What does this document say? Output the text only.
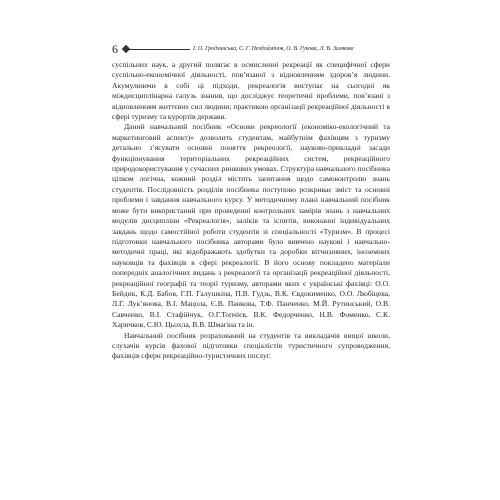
6	І. О. Гродзинська, С. Г. Нездоймінов, О. В. Гукова, Л. В. Зимкова

суспільних наук, а другий полягає в осмисленні рекреації як специфічної сфери суспільно-економічної діяльності, пов’язаної з відновленням здоров’я людини. Акумулюючи в собі ці підходи, рекреалогія виступає на сьогодні як міждисциплінарна галузь знання, що досліджує теоретичні проблеми, пов’язані з відновленням життєвих сил людини; практикою організації рекреаційної діяльності в сфері туризму та курортів держави.

Даний навчальний посібник «Основи рекреології (економіко-екологічний та маркетинговий аспект)» дозволить студентам, майбутнім фахівцям з туризму детально з’ясувати основні поняття рекреології, науково-прикладні засади функціонування територіальних рекреаційних систем, рекреаційного природокористування у сучасних ринкових умовах. Структура навчального посібника цілком логічна, кожний розділ містить запитання щодо самоконтролю знань студентів. Послідовність розділів посібника поступово розкриває зміст та основні проблеми і завдання навчального курсу. У методичному плані навчальний посібник може бути використаний при проведенні контрольних замірів знань з навчальних модулів дисципліни «Рекреалогія», заліків та іспитів, виконанні індивідуальних завдань щодо самостійної роботи студентів зі спеціальності «Туризм». В процесі підготовки навчального посібника авторами було вивчено наукові і навчально-методичні праці, які відображають здобутки та доробки вітчизняних, іноземних науковців та фахівців в сфері рекреалогії. В його основу покладено матеріали попередніх аналогічних видань з рекреалогії та організації рекреаційної діяльності, рекреаційної географії та теорії туризму, авторами яких є українські фахівці: О.О. Бейдик, К.Д. Бабов, Г.П. Галушкіна, П.В. Гудзь, В.К. Євдокименко, О.О. Любіцева, Л.Г. Лук’янова, В.І. Мацола, Є.В. Панкова, Т.Ф. Панченко, М.Й. Рутинський, О.В. Савченко, В.І. Стафійчук, О.Г.Топчієв, В.К. Федорченко, Н.В. Фоменко, С.К. Харичков, С.Ю. Цьохла, В.В. Шмагіна та ін.

Навчальний посібник розрахований на студентів та викладачів вищої школи, слухачів курсів фахової підготовки спеціалістів туристичного супроводження, фахівців сфери рекреаційно-туристичних послуг.
